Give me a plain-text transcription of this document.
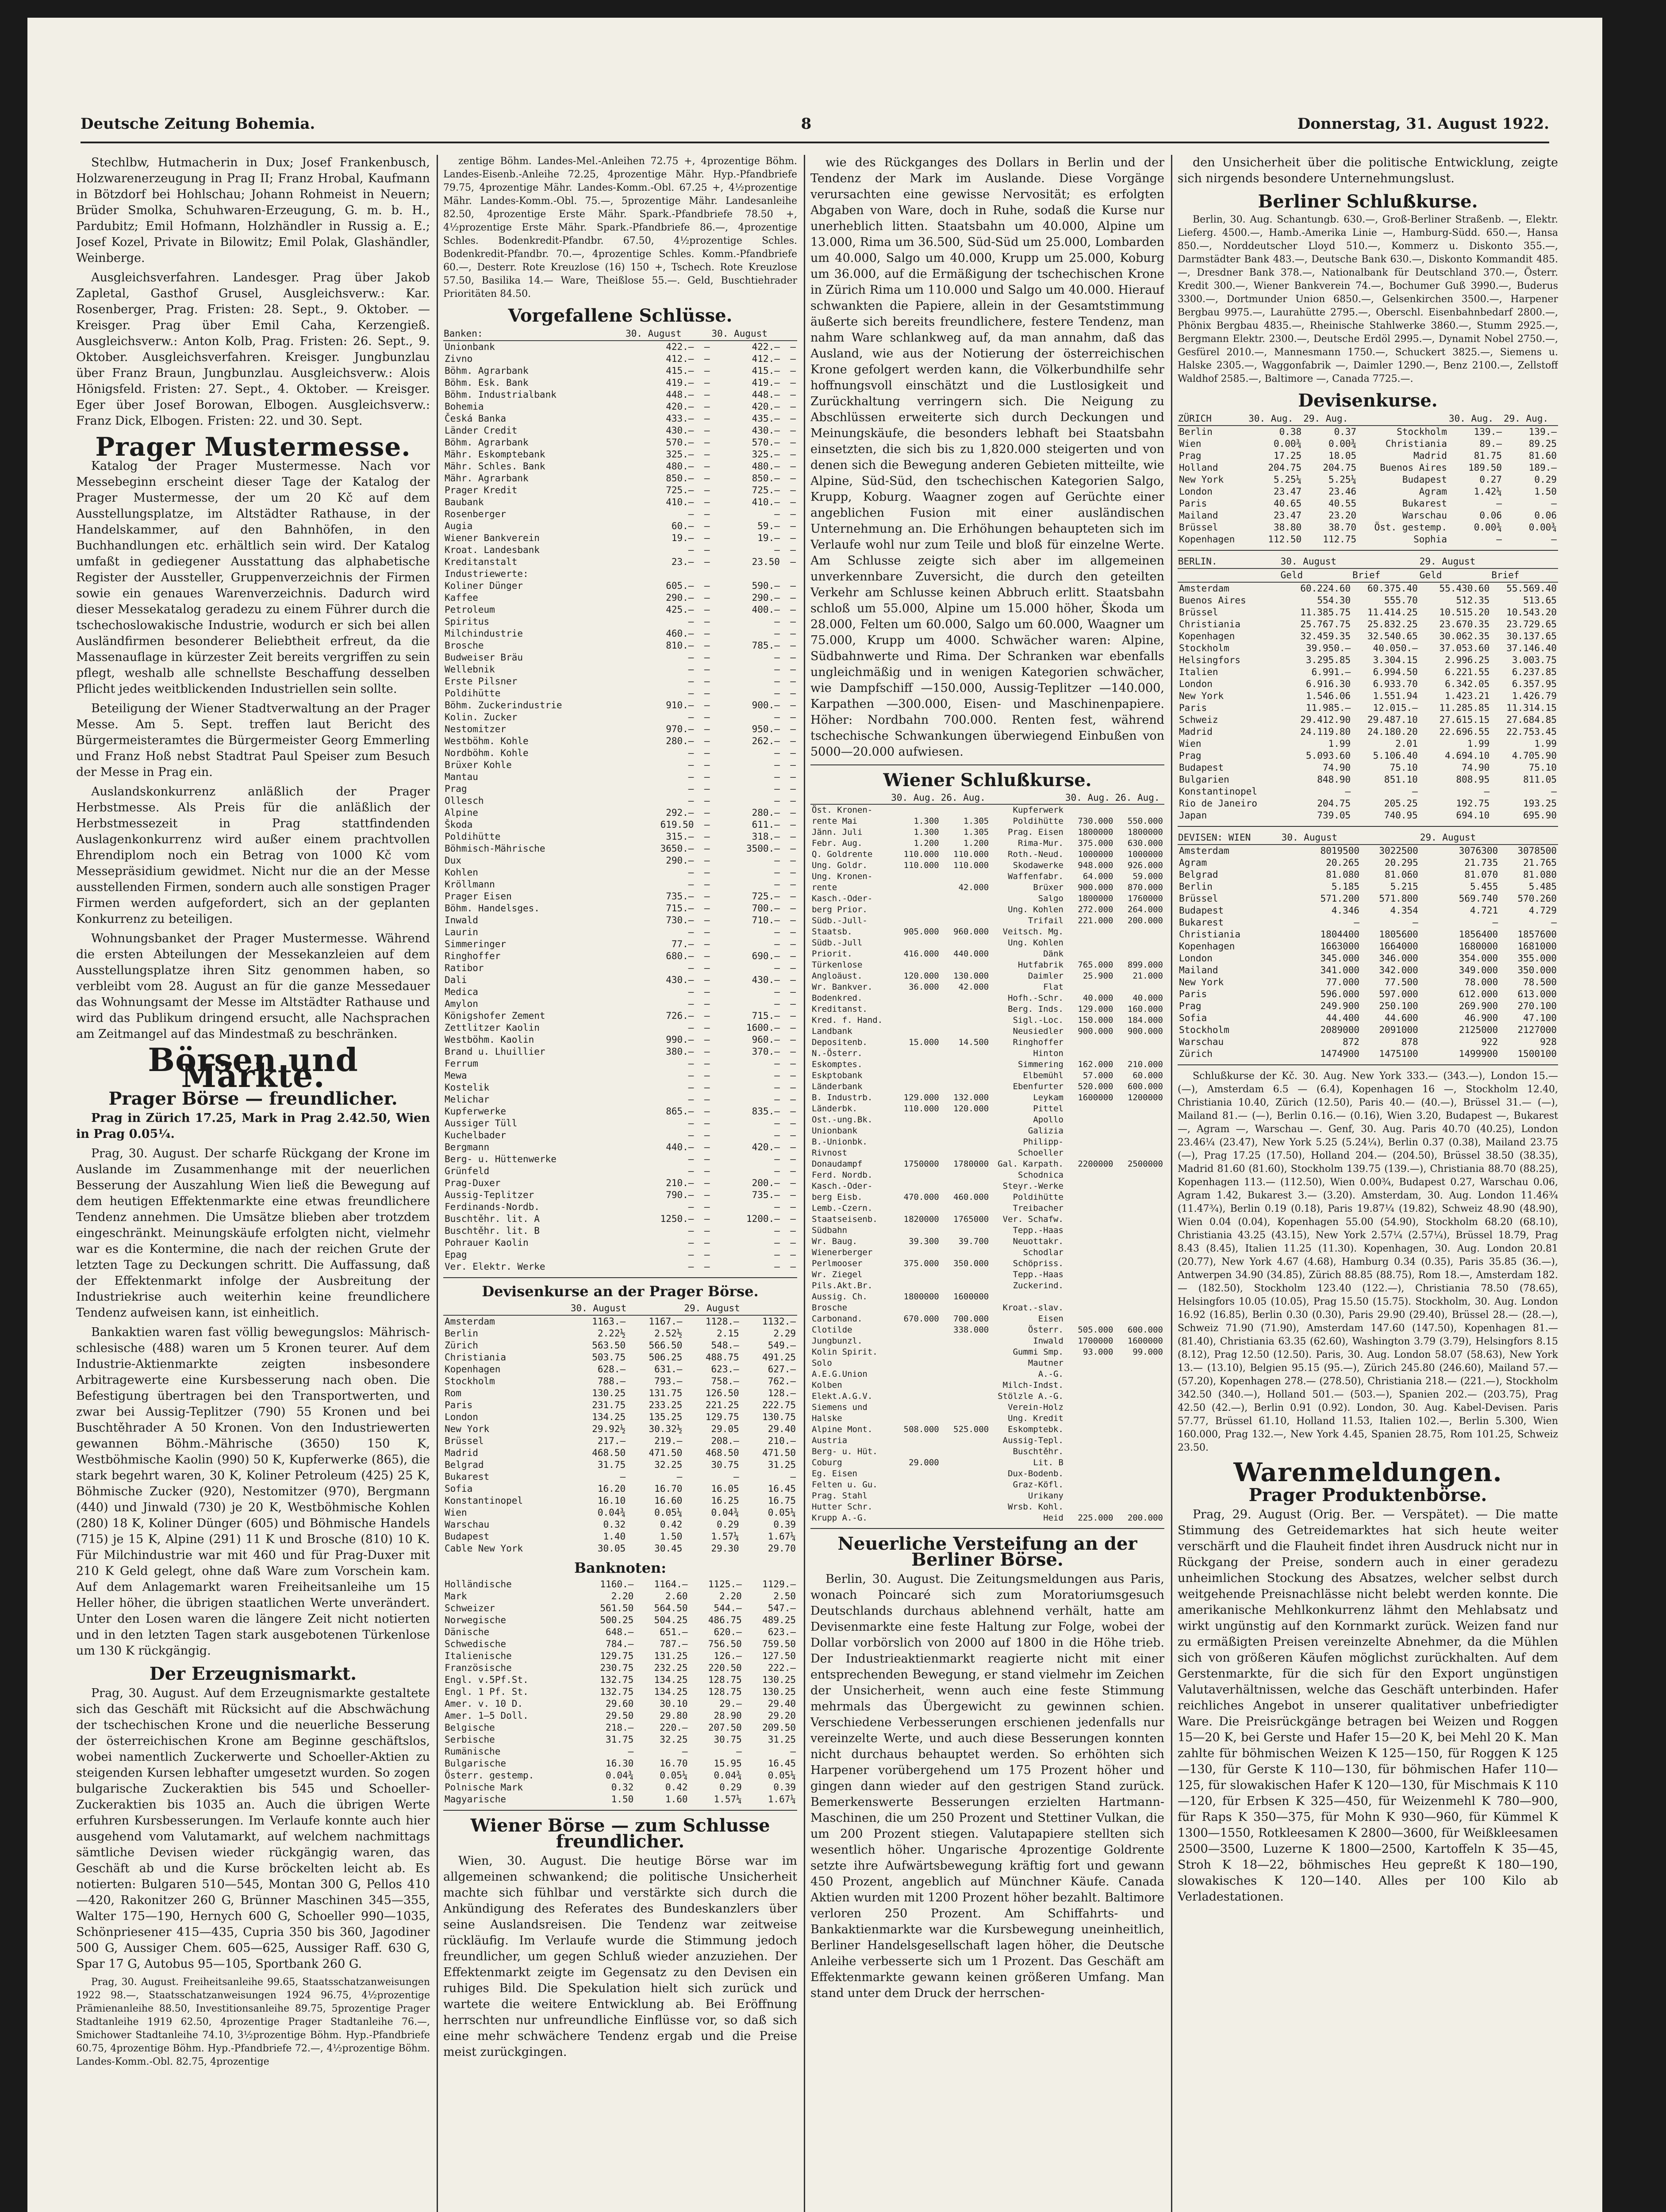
Deutsche Zeitung Bohemia.	8	Donnerstag, 31. August 1922.

Stechlbw, Hutmacherin in Dux; Josef Frankenbusch, Holzwarenerzeugung in Prag II; Franz Hrobal, Kaufmann in Bötzdorf bei Hohlschau; Johann Rohmeist in Neuern; Brüder Smolka, Schuhwaren-Erzeugung, G. m. b. H., Pardubitz; Emil Hofmann, Holzhändler in Russig a. E.; Josef Kozel, Private in Bilowitz; Emil Polak, Glashändler, Weinberge.

Ausgleichsverfahren. Landesger. Prag über Jakob Zapletal, Gasthof Grusel, Ausgleichsverw.: Kar. Rosenberger, Prag. Fristen: 28. Sept., 9. Oktober. — Kreisger. Prag über Emil Caha, Kerzengieß. Ausgleichsverw.: Anton Kolb, Prag. Fristen: 26. Sept., 9. Oktober. Ausgleichsverfahren. Kreisger. Jungbunzlau über Franz Braun, Jungbunzlau. Ausgleichsverw.: Alois Hönigsfeld. Fristen: 27. Sept., 4. Oktober. — Kreisger. Eger über Josef Borowan, Elbogen. Ausgleichsverw.: Franz Dick, Elbogen. Fristen: 22. und 30. Sept.

Prager Mustermesse.

Katalog der Prager Mustermesse. Nach vor Messebeginn erscheint dieser Tage der Katalog der Prager Mustermesse, der um 20 Kč auf dem Ausstellungsplatze, im Altstädter Rathause, in der Handelskammer, auf den Bahnhöfen, in den Buchhandlungen etc. erhältlich sein wird. Der Katalog umfaßt in gediegener Ausstattung das alphabetische Register der Aussteller, Gruppenverzeichnis der Firmen sowie ein genaues Warenverzeichnis. Dadurch wird dieser Messekatalog geradezu zu einem Führer durch die tschechoslowakische Industrie, wodurch er sich bei allen Ausländfirmen besonderer Beliebtheit erfreut, da die Massenauflage in kürzester Zeit bereits vergriffen zu sein pflegt, weshalb alle schnellste Beschaffung desselben Pflicht jedes weitblickenden Industriellen sein sollte.

Beteiligung der Wiener Stadtverwaltung an der Prager Messe. Am 5. Sept. treffen laut Bericht des Bürgermeisteramtes die Bürgermeister Georg Emmerling und Franz Hoß nebst Stadtrat Paul Speiser zum Besuch der Messe in Prag ein.

Auslandskonkurrenz anläßlich der Prager Herbstmesse. Als Preis für die anläßlich der Herbstmessezeit in Prag stattfindenden Auslagenkonkurrenz wird außer einem prachtvollen Ehrendiplom noch ein Betrag von 1000 Kč vom Messepräsidium gewidmet. Nicht nur die an der Messe ausstellenden Firmen, sondern auch alle sonstigen Prager Firmen werden aufgefordert, sich an der geplanten Konkurrenz zu beteiligen.

Wohnungsbanket der Prager Mustermesse. Während die ersten Abteilungen der Messekanzleien auf dem Ausstellungsplatze ihren Sitz genommen haben, so verbleibt vom 28. August an für die ganze Messedauer das Wohnungsamt der Messe im Altstädter Rathause und wird das Publikum dringend ersucht, alle Nachsprachen am Zeitmangel auf das Mindestmaß zu beschränken.

Börsen und Märkte.
Prager Börse — freundlicher.

Prag in Zürich 17.25, Mark in Prag 2.42.50, Wien in Prag 0.05¼.

Prag, 30. August. Der scharfe Rückgang der Krone im Auslande im Zusammenhange mit der neuerlichen Besserung der Auszahlung Wien ließ die Bewegung auf dem heutigen Effektenmarkte eine etwas freundlichere Tendenz annehmen. Die Umsätze blieben aber trotzdem eingeschränkt. Meinungskäufe erfolgten nicht, vielmehr war es die Kontermine, die nach der reichen Grute der letzten Tage zu Deckungen schritt. Die Auffassung, daß der Effektenmarkt infolge der Ausbreitung der Industriekrise auch weiterhin keine freundlichere Tendenz aufweisen kann, ist einheitlich.

Bankaktien waren fast völlig bewegungslos: Mährisch-schlesische (488) waren um 5 Kronen teurer. Auf dem Industrie-Aktienmarkte zeigten insbesondere Arbitragewerte eine Kursbesserung nach oben. Die Befestigung übertragen bei den Transportwerten, und zwar bei Aussig-Teplitzer (790) 55 Kronen und bei Buschtěhrader A 50 Kronen. Von den Industriewerten gewannen Böhm.-Mährische (3650) 150 K, Westböhmische Kaolin (990) 50 K, Kupferwerke (865), die stark begehrt waren, 30 K, Koliner Petroleum (425) 25 K, Böhmische Zucker (920), Nestomitzer (970), Bergmann (440) und Jinwald (730) je 20 K, Westböhmische Kohlen (280) 18 K, Koliner Dünger (605) und Böhmische Handels (715) je 15 K, Alpine (291) 11 K und Brosche (810) 10 K. Für Milchindustrie war mit 460 und für Prag-Duxer mit 210 K Geld gelegt, ohne daß Ware zum Vorschein kam. Auf dem Anlagemarkt waren Freiheitsanleihe um 15 Heller höher, die übrigen staatlichen Werte unverändert. Unter den Losen waren die längere Zeit nicht notierten und in den letzten Tagen stark ausgebotenen Türkenlose um 130 K rückgängig.

Der Erzeugnismarkt.

Prag, 30. August. Auf dem Erzeugnismarkte gestaltete sich das Geschäft mit Rücksicht auf die Abschwächung der tschechischen Krone und die neuerliche Besserung der österreichischen Krone am Beginne geschäftslos, wobei namentlich Zuckerwerte und Schoeller-Aktien zu steigenden Kursen lebhafter umgesetzt wurden. So zogen bulgarische Zuckeraktien bis 545 und Schoeller-Zuckeraktien bis 1035 an. Auch die übrigen Werte erfuhren Kursbesserungen. Im Verlaufe konnte auch hier ausgehend vom Valutamarkt, auf welchem nachmittags sämtliche Devisen wieder rückgängig waren, das Geschäft ab und die Kurse bröckelten leicht ab. Es notierten: Bulgaren 510—545, Montan 300 G, Pellos 410—420, Rakonitzer 260 G, Brünner Maschinen 345—355, Walter 175—190, Hernych 600 G, Schoeller 990—1035, Schönpriesener 415—435, Cupria 350 bis 360, Jagodiner 500 G, Aussiger Chem. 605—625, Aussiger Raff. 630 G, Spar 17 G, Autobus 95—105, Sportbank 260 G.

Prag, 30. August. Freiheitsanleihe 99.65, Staatsschatzanweisungen 1922 98.—, Staatsschatzanweisungen 1924 96.75, 4½prozentige Prämienanleihe 88.50, Investitionsanleihe 89.75, 5prozentige Prager Stadtanleihe 1919 62.50, 4prozentige Prager Stadtanleihe 76.—, Smichower Stadtanleihe 74.10, 3½prozentige Böhm. Hyp.-Pfandbriefe 60.75, 4prozentige Böhm. Hyp.-Pfandbriefe 72.—, 4½prozentige Böhm. Landes-Komm.-Obl. 82.75, 4prozentige

zentige Böhm. Landes-Mel.-Anleihen 72.75 +, 4prozentige Böhm. Landes-Eisenb.-Anleihe 72.25, 4prozentige Mähr. Hyp.-Pfandbriefe 79.75, 4prozentige Mähr. Landes-Komm.-Obl. 67.25 +, 4½prozentige Mähr. Landes-Komm.-Obl. 75.—, 5prozentige Mähr. Landesanleihe 82.50, 4prozentige Erste Mähr. Spark.-Pfandbriefe 78.50 +, 4½prozentige Erste Mähr. Spark.-Pfandbriefe 86.—, 4prozentige Schles. Bodenkredit-Pfandbr. 67.50, 4½prozentige Schles. Bodenkredit-Pfandbr. 70.—, 4prozentige Schles. Komm.-Pfandbriefe 60.—, Desterr. Rote Kreuzlose (16) 150 +, Tschech. Rote Kreuzlose 57.50, Basilika 14.— Ware, Theißlose 55.—. Geld, Buschtiehrader Prioritäten 84.50.

Vorgefallene Schlüsse.
Banken:	30. August		30. August	
Unionbank	422.—	—	422.—	—
Zivno	412.—	—	412.—	—
Böhm. Agrarbank	415.—	—	415.—	—
Böhm. Esk. Bank	419.—	—	419.—	—
Böhm. Industrialbank	448.—	—	448.—	—
Bohemia	420.—	—	420.—	—
Česká Banka	433.—	—	435.—	—
Länder Credit	430.—	—	430.—	—
Böhm. Agrarbank	570.—	—	570.—	—
Mähr. Eskomptebank	325.—	—	325.—	—
Mähr. Schles. Bank	480.—	—	480.—	—
Mähr. Agrarbank	850.—	—	850.—	—
Prager Kredit	725.—	—	725.—	—
Baubank	410.—	—	410.—	—
Rosenberger	—	—	—	—
Augia	60.—	—	59.—	—
Wiener Bankverein	19.—	—	19.—	—
Kroat. Landesbank	—	—	—	—
Kreditanstalt	23.—	—	23.50	—
Industriewerte:				
Koliner Dünger	605.—	—	590.—	—
Kaffee	290.—	—	290.—	—
Petroleum	425.—	—	400.—	—
Spiritus	—	—	—	—
Milchindustrie	460.—	—	—	—
Brosche	810.—	—	785.—	—
Budweiser Bräu	—	—	—	—
Wellebnik	—	—	—	—
Erste Pilsner	—	—	—	—
Poldihütte	—	—	—	—
Böhm. Zuckerindustrie	910.—	—	900.—	—
Kolin. Zucker	—	—	—	—
Nestomitzer	970.—	—	950.—	—
Westböhm. Kohle	280.—	—	262.—	—
Nordböhm. Kohle	—	—	—	—
Brüxer Kohle	—	—	—	—
Mantau	—	—	—	—
Prag	—	—	—	—
Ollesch	—	—	—	—
Alpine	292.—	—	280.—	—
Škoda	619.50	—	611.—	—
Poldihütte	315.—	—	318.—	—
Böhmisch-Mährische	3650.—	—	3500.—	—
Dux	290.—	—	—	—
Kohlen	—	—	—	—
Kröllmann	—	—	—	—
Prager Eisen	735.—	—	725.—	—
Böhm. Handelsges.	715.—	—	700.—	—
Inwald	730.—	—	710.—	—
Laurin	—	—	—	—
Simmeringer	77.—	—	—	—
Ringhoffer	680.—	—	690.—	—
Ratibor	—	—	—	—
Dali	430.—	—	430.—	—
Medica	—	—	—	—
Amylon	—	—	—	—
Königshofer Zement	726.—	—	715.—	—
Zettlitzer Kaolin	—	—	1600.—	—
Westböhm. Kaolin	990.—	—	960.—	—
Brand u. Lhuillier	380.—	—	370.—	—
Ferrum	—	—	—	—
Mewa	—	—	—	—
Kostelik	—	—	—	—
Melichar	—	—	—	—
Kupferwerke	865.—	—	835.—	—
Aussiger Tüll	—	—	—	—
Kuchelbader	—	—	—	—
Bergmann	440.—	—	420.—	—
Berg- u. Hüttenwerke	—	—	—	—
Grünfeld	—	—	—	—
Prag-Duxer	210.—	—	200.—	—
Aussig-Teplitzer	790.—	—	735.—	—
Ferdinands-Nordb.	—	—	—	—
Buschtěhr. lit. A	1250.—	—	1200.—	—
Buschtěhr. lit. B	—	—	—	—
Pohrauer Kaolin	—	—	—	—
Epag	—	—	—	—
Ver. Elektr. Werke	—	—	—	—
Devisenkurse an der Prager Börse.
	30. August		29. August	
Amsterdam	1163.—	1167.—	1128.—	1132.—
Berlin	2.22½	2.52½	2.15	2.29
Zürich	563.50	566.50	548.—	549.—
Christiania	503.75	506.25	488.75	491.25
Kopenhagen	628.—	631.—	623.—	627.—
Stockholm	788.—	793.—	758.—	762.—
Rom	130.25	131.75	126.50	128.—
Paris	231.75	233.25	221.25	222.75
London	134.25	135.25	129.75	130.75
New York	29.92½	30.32½	29.05	29.40
Brüssel	217.—	219.—	208.—	210.—
Madrid	468.50	471.50	468.50	471.50
Belgrad	31.75	32.25	30.75	31.25
Bukarest	—	—	—	—
Sofia	16.20	16.70	16.05	16.45
Konstantinopel	16.10	16.60	16.25	16.75
Wien	0.04¾	0.05¼	0.04¾	0.05¼
Warschau	0.32	0.42	0.29	0.39
Budapest	1.40	1.50	1.57¼	1.67¼
Cable New York	30.05	30.45	29.30	29.70
Banknoten:
Holländische	1160.—	1164.—	1125.—	1129.—
Mark	2.20	2.60	2.20	2.50
Schweizer	561.50	564.50	544.—	547.—
Norwegische	500.25	504.25	486.75	489.25
Dänische	648.—	651.—	620.—	623.—
Schwedische	784.—	787.—	756.50	759.50
Italienische	129.75	131.25	126.—	127.50
Französische	230.75	232.25	220.50	222.—
Engl. v.5Pf.St.	132.75	134.25	128.75	130.25
Engl. 1 Pf. St.	132.75	134.25	128.75	130.25
Amer. v. 10 D.	29.60	30.10	29.—	29.40
Amer. 1—5 Doll.	29.50	29.80	28.90	29.20
Belgische	218.—	220.—	207.50	209.50
Serbische	31.75	32.25	30.75	31.25
Rumänische	—	—	—	—
Bulgarische	16.30	16.70	15.95	16.45
Österr. gestemp.	0.04¾	0.05¼	0.04¾	0.05¼
Polnische Mark	0.32	0.42	0.29	0.39
Magyarische	1.50	1.60	1.57¼	1.67¼
Wiener Börse — zum Schlusse freundlicher.

Wien, 30. August. Die heutige Börse war im allgemeinen schwankend; die politische Unsicherheit machte sich fühlbar und verstärkte sich durch die Ankündigung des Referates des Bundeskanzlers über seine Auslandsreisen. Die Tendenz war zeitweise rückläufig. Im Verlaufe wurde die Stimmung jedoch freundlicher, um gegen Schluß wieder anzuziehen. Der Effektenmarkt zeigte im Gegensatz zu den Devisen ein ruhiges Bild. Die Spekulation hielt sich zurück und wartete die weitere Entwicklung ab. Bei Eröffnung herrschten nur unfreundliche Einflüsse vor, so daß sich eine mehr schwächere Tendenz ergab und die Preise meist zurückgingen.

wie des Rückganges des Dollars in Berlin und der Tendenz der Mark im Auslande. Diese Vorgänge verursachten eine gewisse Nervosität; es erfolgten Abgaben von Ware, doch in Ruhe, sodaß die Kurse nur unerheblich litten. Staatsbahn um 40.000, Alpine um 13.000, Rima um 36.500, Süd-Süd um 25.000, Lombarden um 40.000, Salgo um 40.000, Krupp um 25.000, Koburg um 36.000, auf die Ermäßigung der tschechischen Krone in Zürich Rima um 110.000 und Salgo um 40.000. Hierauf schwankten die Papiere, allein in der Gesamtstimmung äußerte sich bereits freundlichere, festere Tendenz, man nahm Ware schlankweg auf, da man annahm, daß das Ausland, wie aus der Notierung der österreichischen Krone gefolgert werden kann, die Völkerbundhilfe sehr hoffnungsvoll einschätzt und die Lustlosigkeit und Zurückhaltung verringern sich. Die Neigung zu Abschlüssen erweiterte sich durch Deckungen und Meinungskäufe, die besonders lebhaft bei Staatsbahn einsetzten, die sich bis zu 1,820.000 steigerten und von denen sich die Bewegung anderen Gebieten mitteilte, wie Alpine, Süd-Süd, den tschechischen Kategorien Salgo, Krupp, Koburg. Waagner zogen auf Gerüchte einer angeblichen Fusion mit einer ausländischen Unternehmung an. Die Erhöhungen behaupteten sich im Verlaufe wohl nur zum Teile und bloß für einzelne Werte. Am Schlusse zeigte sich aber im allgemeinen unverkennbare Zuversicht, die durch den geteilten Verkehr am Schlusse keinen Abbruch erlitt. Staatsbahn schloß um 55.000, Alpine um 15.000 höher, Škoda um 28.000, Felten um 60.000, Salgo um 60.000, Waagner um 75.000, Krupp um 4000. Schwächer waren: Alpine, Südbahnwerte und Rima. Der Schranken war ebenfalls ungleichmäßig und in wenigen Kategorien schwächer, wie Dampfschiff —150.000, Aussig-Teplitzer —140.000, Karpathen —300.000, Eisen- und Maschinenpapiere. Höher: Nordbahn 700.000. Renten fest, während tschechische Schwankungen überwiegend Einbußen von 5000—20.000 aufwiesen.

Wiener Schlußkurse.
	30. Aug.	26. Aug.		30. Aug.	26. Aug.
Öst. Kronen-			Kupferwerk		
rente Mai	1.300	1.305	Poldihütte	730.000	550.000
Jänn. Juli	1.300	1.305	Prag. Eisen	1800000	1800000
Febr. Aug.	1.200	1.200	Rima-Mur.	375.000	630.000
Q. Goldrente	110.000	110.000	Roth.-Neud.	1000000	1000000
Ung. Goldr.	110.000	110.000	Skodawerke	948.000	926.000
Ung. Kronen-			Waffenfabr.	64.000	59.000
rente		42.000	Brüxer	900.000	870.000
Kasch.-Oder-			Salgo	1800000	1760000
berg Prior.			Ung. Kohlen	272.000	264.000
Südb.-Jull-			Trifail	221.000	200.000
Staatsb.	905.000	960.000	Veitsch. Mg.		
Südb.-Jull			Ung. Kohlen		
Priorit.	416.000	440.000	Dänk		
Türkenlose			Hutfabrik	765.000	899.000
Angloäust.	120.000	130.000	Daimler	25.900	21.000
Wr. Bankver.	36.000	42.000	Flat		
Bodenkred.			Hofh.-Schr.	40.000	40.000
Kreditanst.			Berg. Inds.	129.000	160.000
Kred. f. Hand.			Sigl.-Loc.	150.000	184.000
Landbank			Neusiedler	900.000	900.000
Depositenb.	15.000	14.500	Ringhoffer		
N.-Österr.			Hinton		
Eskomptes.			Simmering	162.000	210.000
Eskptobank			Elbemühl	57.000	60.000
Länderbank			Ebenfurter	520.000	600.000
B. Industrb.	129.000	132.000	Leykam	1600000	1200000
Länderbk.	110.000	120.000	Pittel		
Ost.-ung.Bk.			Apollo		
Unionbank			Galizia		
B.-Unionbk.			Philipp-		
Rivnost			Schoeller		
Donaudampf	1750000	1780000	Gal. Karpath.	2200000	2500000
Ferd. Nordb.			Schodnica		
Kasch.-Oder-			Steyr.-Werke		
berg Eisb.	470.000	460.000	Poldihütte		
Lemb.-Czern.			Treibacher		
Staatseisenb.	1820000	1765000	Ver. Schafw.		
Südbahn			Tepp.-Haas		
Wr. Baug.	39.300	39.700	Neuottakr.		
Wienerberger			Schodlar		
Perlmooser	375.000	350.000	Schöpriss.		
Wr. Ziegel			Tepp.-Haas		
Pils.Akt.Br.			Zuckerind.		
Aussig. Ch.	1800000	1600000			
Brosche			Kroat.-slav.		
Carbonand.	670.000	700.000	Eisen		
Clotilde		338.000	Österr.	505.000	600.000
Jungbunzl.			Inwald	1700000	1600000
Kolin Spirit.			Gummi Smp.	93.000	99.000
Solo			Mautner		
A.E.G.Union			A.-G.		
Kolben			Milch-Indst.		
Elekt.A.G.V.			Stölzle A.-G.		
Siemens und			Verein-Holz		
Halske			Ung. Kredit		
Alpine Mont.	508.000	525.000	Eskomptebk.		
Austria			Aussig-Tepl.		
Berg- u. Hüt.			Buschtěhr.		
Coburg	29.000		Lit. B		
Eg. Eisen			Dux-Bodenb.		
Felten u. Gu.			Graz-Köfl.		
Prag. Stahl			Urikany		
Hutter Schr.			Wrsb. Kohl.		
Krupp A.-G.			Heid	225.000	200.000
Neuerliche Versteifung an der Berliner Börse.

Berlin, 30. August. Die Zeitungsmeldungen aus Paris, wonach Poincaré sich zum Moratoriumsgesuch Deutschlands durchaus ablehnend verhält, hatte am Devisenmarkte eine feste Haltung zur Folge, wobei der Dollar vorbörslich von 2000 auf 1800 in die Höhe trieb. Der Industrieaktienmarkt reagierte nicht mit einer entsprechenden Bewegung, er stand vielmehr im Zeichen der Unsicherheit, wenn auch eine feste Stimmung mehrmals das Übergewicht zu gewinnen schien. Verschiedene Verbesserungen erschienen jedenfalls nur vereinzelte Werte, und auch diese Besserungen konnten nicht durchaus behauptet werden. So erhöhten sich Harpener vorübergehend um 175 Prozent höher und gingen dann wieder auf den gestrigen Stand zurück. Bemerkenswerte Besserungen erzielten Hartmann-Maschinen, die um 250 Prozent und Stettiner Vulkan, die um 200 Prozent stiegen. Valutapapiere stellten sich wesentlich höher. Ungarische 4prozentige Goldrente setzte ihre Aufwärtsbewegung kräftig fort und gewann 450 Prozent, angeblich auf Münchner Käufe. Canada Aktien wurden mit 1200 Prozent höher bezahlt. Baltimore verloren 250 Prozent. Am Schiffahrts- und Bankaktienmarkte war die Kursbewegung uneinheitlich, Berliner Handelsgesellschaft lagen höher, die Deutsche Anleihe verbesserte sich um 1 Prozent. Das Geschäft am Effektenmarkte gewann keinen größeren Umfang. Man stand unter dem Druck der herrschen-

den Unsicherheit über die politische Entwicklung, zeigte sich nirgends besondere Unternehmungslust.

Berliner Schlußkurse.

Berlin, 30. Aug. Schantungb. 630.—, Groß-Berliner Straßenb. —, Elektr. Lieferg. 4500.—, Hamb.-Amerika Linie —, Hamburg-Südd. 650.—, Hansa 850.—, Norddeutscher Lloyd 510.—, Kommerz u. Diskonto 355.—, Darmstädter Bank 483.—, Deutsche Bank 630.—, Diskonto Kommandit 485.—, Dresdner Bank 378.—, Nationalbank für Deutschland 370.—, Österr. Kredit 300.—, Wiener Bankverein 74.—, Bochumer Guß 3990.—, Buderus 3300.—, Dortmunder Union 6850.—, Gelsenkirchen 3500.—, Harpener Bergbau 9975.—, Laurahütte 2795.—, Oberschl. Eisenbahnbedarf 2800.—, Phönix Bergbau 4835.—, Rheinische Stahlwerke 3860.—, Stumm 2925.—, Bergmann Elektr. 2300.—, Deutsche Erdöl 2995.—, Dynamit Nobel 2750.—, Gesfürel 2010.—, Mannesmann 1750.—, Schuckert 3825.—, Siemens u. Halske 2305.—, Waggonfabrik —, Daimler 1290.—, Benz 2100.—, Zellstoff Waldhof 2585.—, Baltimore —, Canada 7725.—.

Devisenkurse.
ZÜRICH	30. Aug.	29. Aug.		30. Aug.	29. Aug.
Berlin	0.38	0.37	Stockholm	139.—	139.—
Wien	0.00¾	0.00¾	Christiania	89.—	89.25
Prag	17.25	18.05	Madrid	81.75	81.60
Holland	204.75	204.75	Buenos Aires	189.50	189.—
New York	5.25¼	5.25¼	Budapest	0.27	0.29
London	23.47	23.46	Agram	1.42¼	1.50
Paris	40.65	40.55	Bukarest	—	—
Mailand	23.47	23.20	Warschau	0.06	0.06
Brüssel	38.80	38.70	Öst. gestemp.	0.00¾	0.00¾
Kopenhagen	112.50	112.75	Sophia	—	—
BERLIN.	30. August		29. August	
	Geld	Brief	Geld	Brief
Amsterdam	60.224.60	60.375.40	55.430.60	55.569.40
Buenos Aires	554.30	555.70	512.35	513.65
Brüssel	11.385.75	11.414.25	10.515.20	10.543.20
Christiania	25.767.75	25.832.25	23.670.35	23.729.65
Kopenhagen	32.459.35	32.540.65	30.062.35	30.137.65
Stockholm	39.950.—	40.050.—	37.053.60	37.146.40
Helsingfors	3.295.85	3.304.15	2.996.25	3.003.75
Italien	6.991.—	6.994.50	6.221.55	6.237.85
London	6.916.30	6.933.70	6.342.05	6.357.95
New York	1.546.06	1.551.94	1.423.21	1.426.79
Paris	11.985.—	12.015.—	11.285.85	11.314.15
Schweiz	29.412.90	29.487.10	27.615.15	27.684.85
Madrid	24.119.80	24.180.20	22.696.55	22.753.45
Wien	1.99	2.01	1.99	1.99
Prag	5.093.60	5.106.40	4.694.10	4.705.90
Budapest	74.90	75.10	74.90	75.10
Bulgarien	848.90	851.10	808.95	811.05
Konstantinopel	—	—	—	—
Rio de Janeiro	204.75	205.25	192.75	193.25
Japan	739.05	740.95	694.10	695.90
DEVISEN: WIEN	30. August		29. August	
Amsterdam	8019500	3022500	3076300	3078500
Agram	20.265	20.295	21.735	21.765
Belgrad	81.080	81.060	81.070	81.080
Berlin	5.185	5.215	5.455	5.485
Brüssel	571.200	571.800	569.740	570.260
Budapest	4.346	4.354	4.721	4.729
Bukarest	—	—	—	—
Christiania	1804400	1805600	1856400	1857600
Kopenhagen	1663000	1664000	1680000	1681000
London	345.000	346.000	354.000	355.000
Mailand	341.000	342.000	349.000	350.000
New York	77.000	77.500	78.000	78.500
Paris	596.000	597.000	612.000	613.000
Prag	249.900	250.100	269.900	270.100
Sofia	44.400	44.600	46.900	47.100
Stockholm	2089000	2091000	2125000	2127000
Warschau	872	878	922	928
Zürich	1474900	1475100	1499900	1500100

Schlußkurse der Kč. 30. Aug. New York 333.— (343.—), London 15.— (—), Amsterdam 6.5 — (6.4), Kopenhagen 16 —, Stockholm 12.40, Christiania 10.40, Zürich (12.50), Paris 40.— (40.—), Brüssel 31.— (—), Mailand 81.— (—), Berlin 0.16.— (0.16), Wien 3.20, Budapest —, Bukarest —, Agram —, Warschau —. Genf, 30. Aug. Paris 40.70 (40.25), London 23.46¼ (23.47), New York 5.25 (5.24¼), Berlin 0.37 (0.38), Mailand 23.75 (—), Prag 17.25 (17.50), Holland 204.— (204.50), Brüssel 38.50 (38.35), Madrid 81.60 (81.60), Stockholm 139.75 (139.—), Christiania 88.70 (88.25), Kopenhagen 113.— (112.50), Wien 0.00¾, Budapest 0.27, Warschau 0.06, Agram 1.42, Bukarest 3.— (3.20). Amsterdam, 30. Aug. London 11.46¾ (11.47¾), Berlin 0.19 (0.18), Paris 19.87¼ (19.82), Schweiz 48.90 (48.90), Wien 0.04 (0.04), Kopenhagen 55.00 (54.90), Stockholm 68.20 (68.10), Christiania 43.25 (43.15), New York 2.57¼ (2.57¼), Brüssel 18.79, Prag 8.43 (8.45), Italien 11.25 (11.30). Kopenhagen, 30. Aug. London 20.81 (20.77), New York 4.67 (4.68), Hamburg 0.34 (0.35), Paris 35.85 (36.—), Antwerpen 34.90 (34.85), Zürich 88.85 (88.75), Rom 18.—, Amsterdam 182.— (182.50), Stockholm 123.40 (122.—), Christiania 78.50 (78.65), Helsingfors 10.05 (10.05), Prag 15.50 (15.75). Stockholm, 30. Aug. London 16.92 (16.85), Berlin 0.30 (0.30), Paris 29.90 (29.40), Brüssel 28.— (28.—), Schweiz 71.90 (71.90), Amsterdam 147.60 (147.50), Kopenhagen 81.— (81.40), Christiania 63.35 (62.60), Washington 3.79 (3.79), Helsingfors 8.15 (8.12), Prag 12.50 (12.50). Paris, 30. Aug. London 58.07 (58.63), New York 13.— (13.10), Belgien 95.15 (95.—), Zürich 245.80 (246.60), Mailand 57.— (57.20), Kopenhagen 278.— (278.50), Christiania 218.— (221.—), Stockholm 342.50 (340.—), Holland 501.— (503.—), Spanien 202.— (203.75), Prag 42.50 (42.—), Berlin 0.91 (0.92). London, 30. Aug. Kabel-Devisen. Paris 57.77, Brüssel 61.10, Holland 11.53, Italien 102.—, Berlin 5.300, Wien 160.000, Prag 132.—, New York 4.45, Spanien 28.75, Rom 101.25, Schweiz 23.50.

Warenmeldungen.
Prager Produktenbörse.

Prag, 29. August (Orig. Ber. — Verspätet). — Die matte Stimmung des Getreidemarktes hat sich heute weiter verschärft und die Flauheit findet ihren Ausdruck nicht nur in Rückgang der Preise, sondern auch in einer geradezu unheimlichen Stockung des Absatzes, welcher selbst durch weitgehende Preisnachlässe nicht belebt werden konnte. Die amerikanische Mehlkonkurrenz lähmt den Mehlabsatz und wirkt ungünstig auf den Kornmarkt zurück. Weizen fand nur zu ermäßigten Preisen vereinzelte Abnehmer, da die Mühlen sich von größeren Käufen möglichst zurückhalten. Auf dem Gerstenmarkte, für die sich für den Export ungünstigen Valutaverhältnissen, welche das Geschäft unterbinden. Hafer reichliches Angebot in unserer qualitativer unbefriedigter Ware. Die Preisrückgänge betragen bei Weizen und Roggen 15—20 K, bei Gerste und Hafer 15—20 K, bei Mehl 20 K. Man zahlte für böhmischen Weizen K 125—150, für Roggen K 125—130, für Gerste K 110—130, für böhmischen Hafer 110—125, für slowakischen Hafer K 120—130, für Mischmais K 110—120, für Erbsen K 325—450, für Weizenmehl K 780—900, für Raps K 350—375, für Mohn K 930—960, für Kümmel K 1300—1550, Rotkleesamen K 2800—3600, für Weißkleesamen 2500—3500, Luzerne K 1800—2500, Kartoffeln K 35—45, Stroh K 18—22, böhmisches Heu gepreßt K 180—190, slowakisches K 120—140. Alles per 100 Kilo ab Verladestationen.
